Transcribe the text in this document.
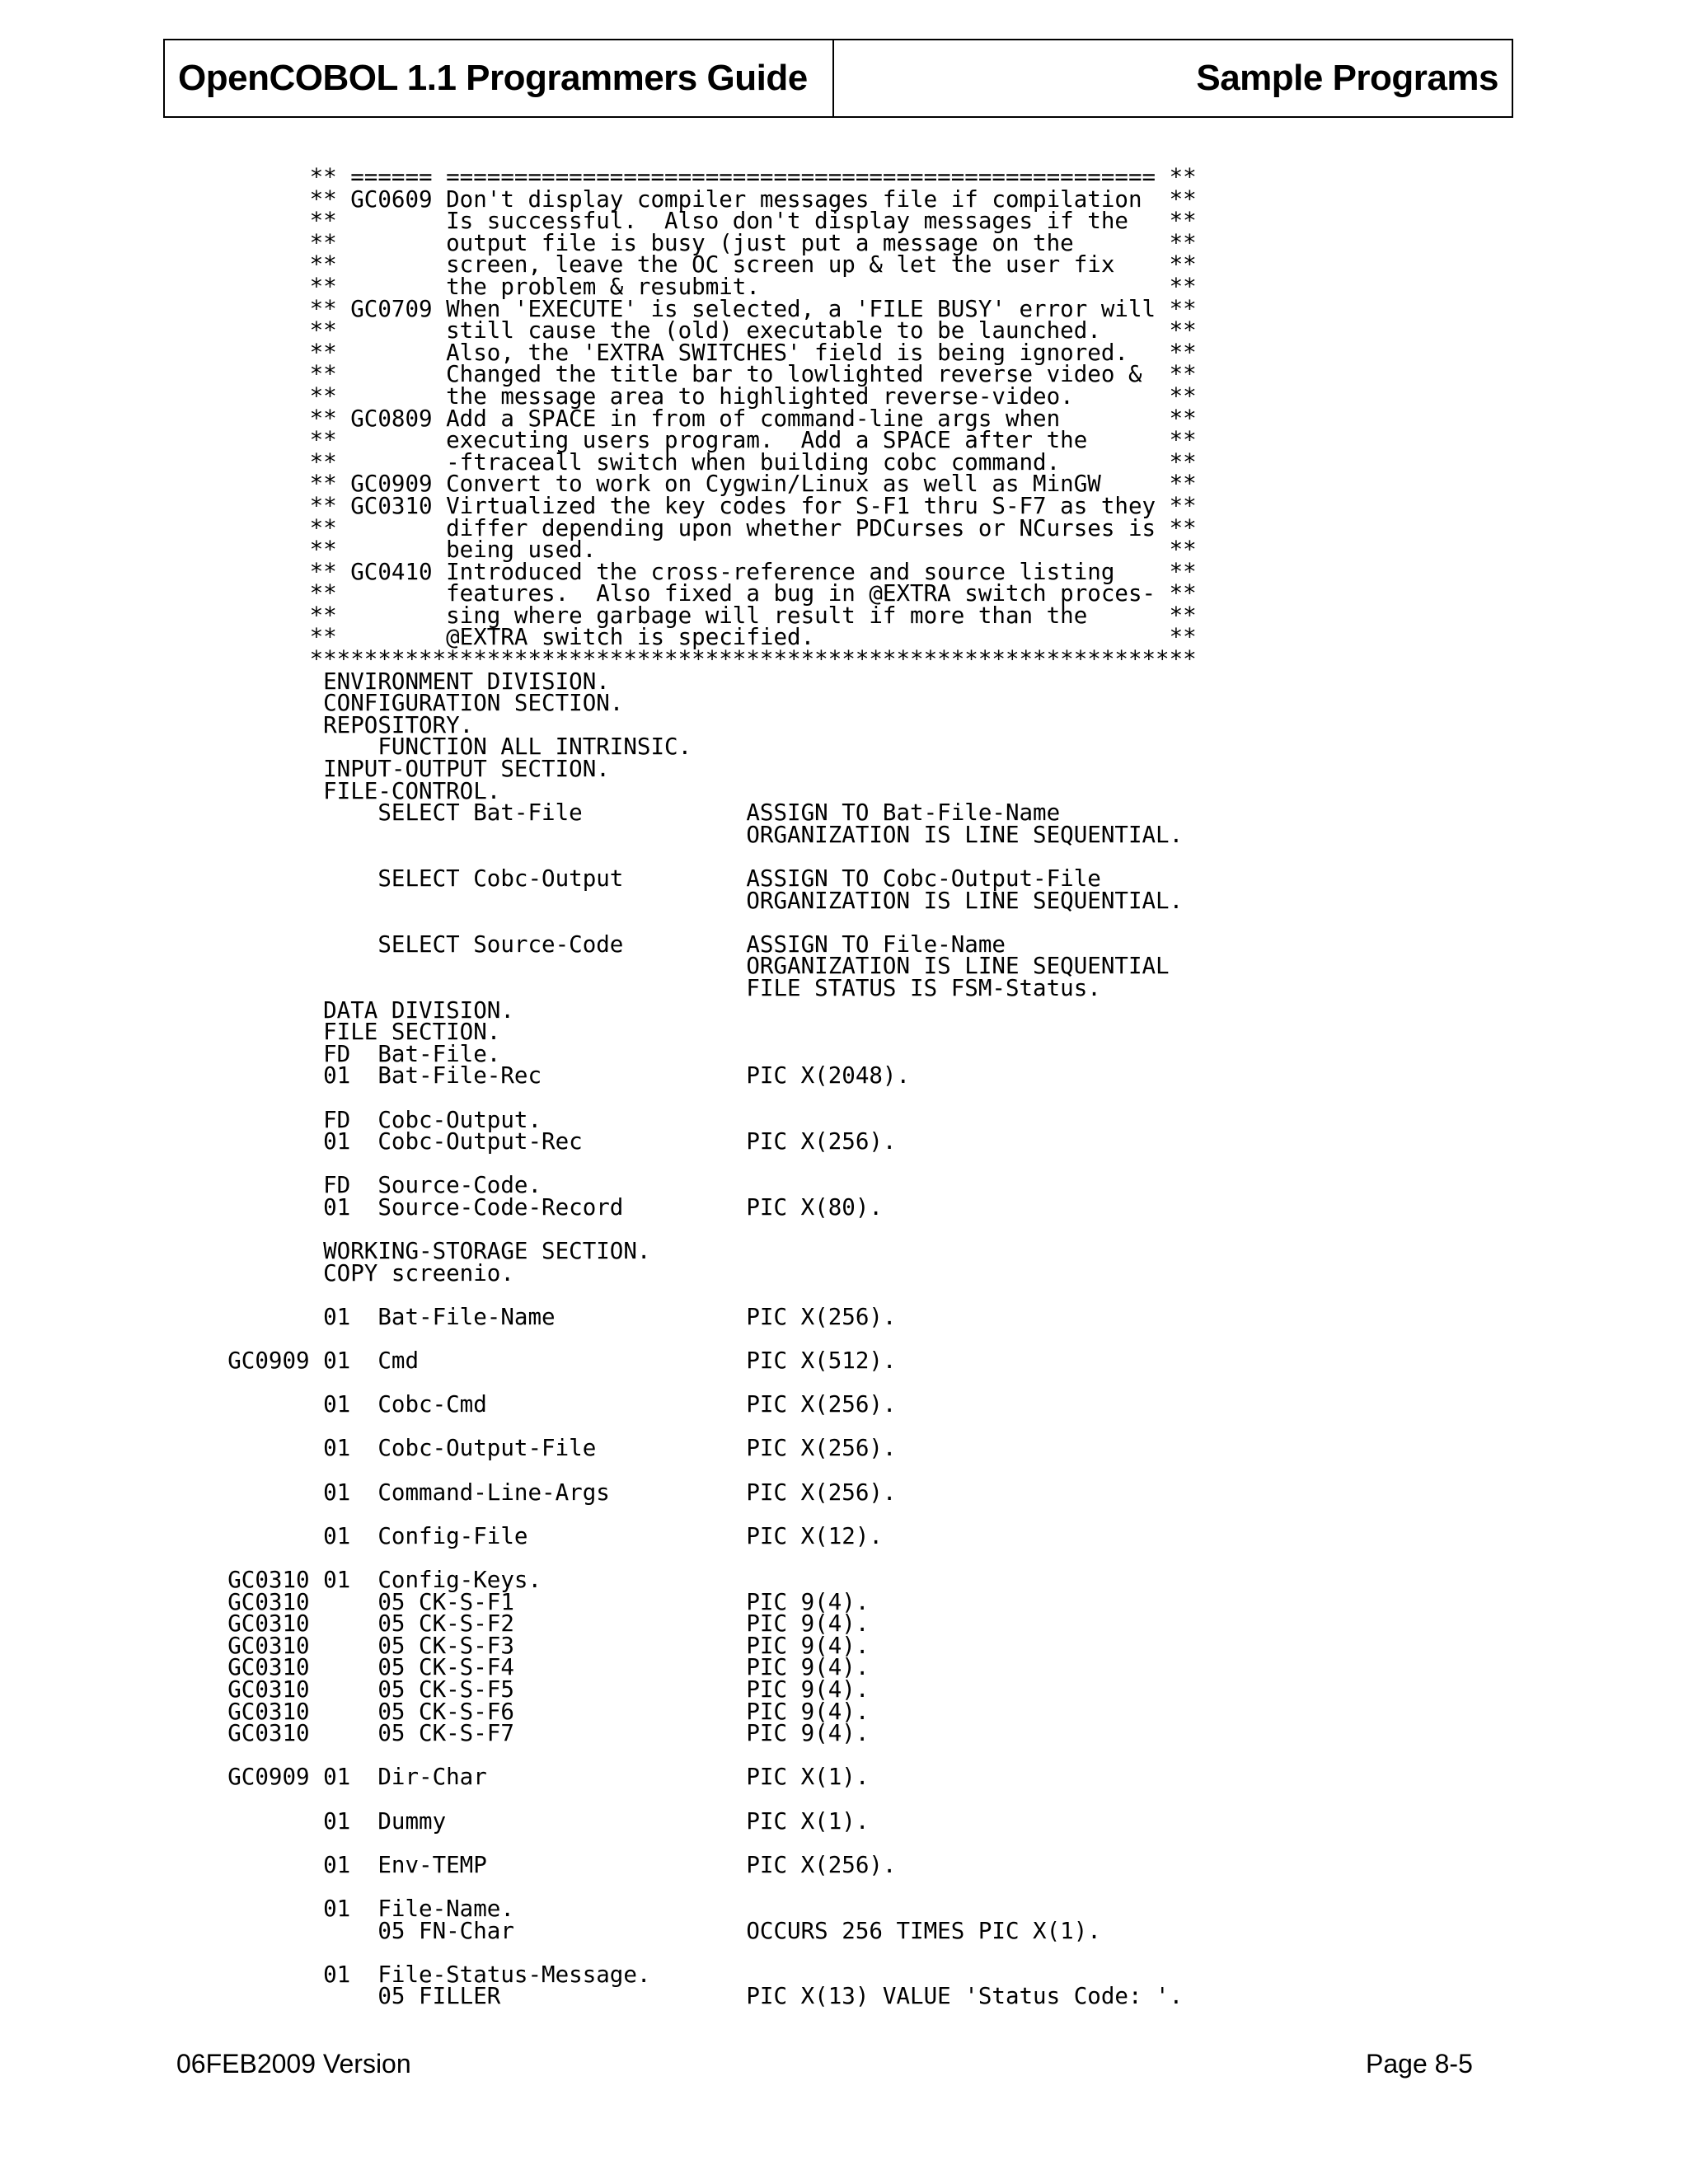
OpenCOBOL 1.1 Programmers Guide	Sample Programs
** ====== ==================================================== **
** GC0609 Don't display compiler messages file if compilation  **
**        Is successful.  Also don't display messages if the   **
**        output file is busy (just put a message on the       **
**        screen, leave the OC screen up & let the user fix    **
**        the problem & resubmit.                              **
** GC0709 When 'EXECUTE' is selected, a 'FILE BUSY' error will **
**        still cause the (old) executable to be launched.     **
**        Also, the 'EXTRA SWITCHES' field is being ignored.   **
**        Changed the title bar to lowlighted reverse video &  **
**        the message area to highlighted reverse-video.       **
** GC0809 Add a SPACE in from of command-line args when        **
**        executing users program.  Add a SPACE after the      **
**        -ftraceall switch when building cobc command.        **
** GC0909 Convert to work on Cygwin/Linux as well as MinGW     **
** GC0310 Virtualized the key codes for S-F1 thru S-F7 as they **
**        differ depending upon whether PDCurses or NCurses is **
**        being used.                                          **
** GC0410 Introduced the cross-reference and source listing    **
**        features.  Also fixed a bug in @EXTRA switch proces- **
**        sing where garbage will result if more than the      **
**        @EXTRA switch is specified.                          **
*****************************************************************
ENVIRONMENT DIVISION.
CONFIGURATION SECTION.
REPOSITORY.
FUNCTION ALL INTRINSIC.
INPUT-OUTPUT SECTION.
FILE-CONTROL.
SELECT Bat-File            ASSIGN TO Bat-File-Name
ORGANIZATION IS LINE SEQUENTIAL.

SELECT Cobc-Output         ASSIGN TO Cobc-Output-File
ORGANIZATION IS LINE SEQUENTIAL.

SELECT Source-Code         ASSIGN TO File-Name
ORGANIZATION IS LINE SEQUENTIAL
FILE STATUS IS FSM-Status.
DATA DIVISION.
FILE SECTION.
FD  Bat-File.
01  Bat-File-Rec               PIC X(2048).

FD  Cobc-Output.
01  Cobc-Output-Rec            PIC X(256).

FD  Source-Code.
01  Source-Code-Record         PIC X(80).

WORKING-STORAGE SECTION.
COPY screenio.

01  Bat-File-Name              PIC X(256).

GC0909 01  Cmd                        PIC X(512).

01  Cobc-Cmd                   PIC X(256).

01  Cobc-Output-File           PIC X(256).

01  Command-Line-Args          PIC X(256).

01  Config-File                PIC X(12).

GC0310 01  Config-Keys.
GC0310     05 CK-S-F1                 PIC 9(4).
GC0310     05 CK-S-F2                 PIC 9(4).
GC0310     05 CK-S-F3                 PIC 9(4).
GC0310     05 CK-S-F4                 PIC 9(4).
GC0310     05 CK-S-F5                 PIC 9(4).
GC0310     05 CK-S-F6                 PIC 9(4).
GC0310     05 CK-S-F7                 PIC 9(4).

GC0909 01  Dir-Char                   PIC X(1).

01  Dummy                      PIC X(1).

01  Env-TEMP                   PIC X(256).

01  File-Name.
05 FN-Char                 OCCURS 256 TIMES PIC X(1).

01  File-Status-Message.
05 FILLER                  PIC X(13) VALUE 'Status Code: '.
06FEB2009 Version	Page 8-5
